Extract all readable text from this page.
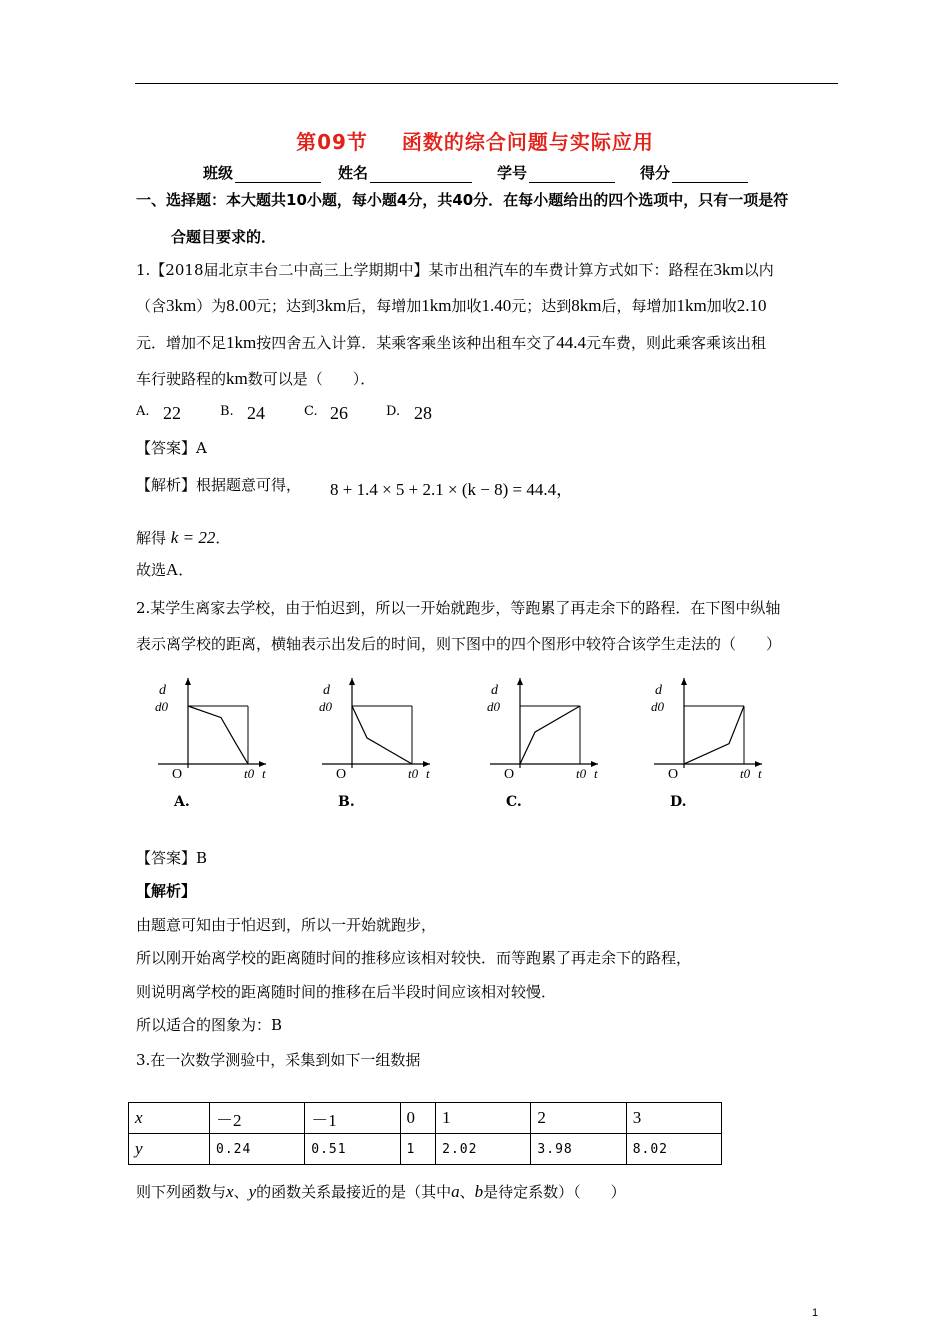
第09节 函数的综合问题与实际应用
班级	姓名	学号	得分
一、选择题：本大题共10小题，每小题4分，共40分．在每小题给出的四个选项中，只有一项是符
合题目要求的．
1.【2018届北京丰台二中高三上学期期中】某市出租汽车的车费计算方式如下：路程在3km以内
（含3km）为8.00元；达到3km后，每增加1km加收1.40元；达到8km后，每增加1km加收2.10
元．增加不足1km按四舍五入计算．某乘客乘坐该种出租车交了44.4元车费，则此乘客乘该出租
车行驶路程的km数可以是（　　）．
A. 22	B. 24	C. 26	D. 28
【答案】A
【解析】根据题意可得， 8 + 1.4 × 5 + 2.1 × (k − 8) = 44.4，
解得 k = 22．
故选A．
2.某学生离家去学校，由于怕迟到，所以一开始就跑步，等跑累了再走余下的路程．在下图中纵轴
表示离学校的距离，横轴表示出发后的时间，则下图中的四个图形中较符合该学生走法的（　　）
d
d0
O	t0 t
A.
d
d0
O	t0 t
B.
d
d0
O	t0 t
C.
d
d0
O	t0 t
D.
【答案】B
【解析】
由题意可知由于怕迟到，所以一开始就跑步，
所以刚开始离学校的距离随时间的推移应该相对较快．而等跑累了再走余下的路程，
则说明离学校的距离随时间的推移在后半段时间应该相对较慢．
所以适合的图象为：B
3.在一次数学测验中，采集到如下一组数据
x	－2	－1	0	1	2	3
y	0.24	0.51	1	2.02	3.98	8.02
则下列函数与x、y的函数关系最接近的是（其中a、b是待定系数）（　　）
1
